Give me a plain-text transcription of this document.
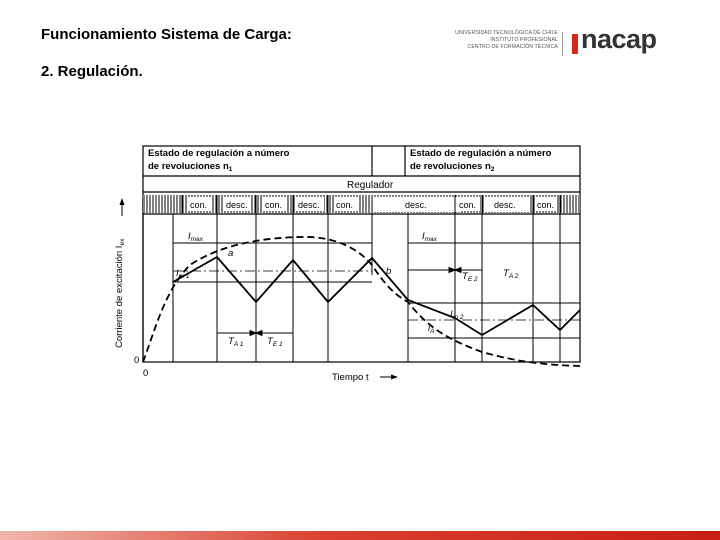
Funcionamiento Sistema de Carga:
2. Regulación.
UNIVERSIDAD TECNOLÓGICA DE CHILE
INSTITUTO PROFESIONAL
CENTRO DE FORMACIÓN TÉCNICA nacap
Corriente de excitación $I_{ex}$
0
0
Estado de regulación a número
de revoluciones $n_1$
Estado de regulación a número
de revoluciones $n_2$
Regulador
con. desc. con. desc. con.	desc.	con. desc. con.
$I_{max}$	$I_{max}$
$I_{m 1}$
$I_{m 2}$
a
b
$i_A$
$T_{A 1}$ $T_{E 1}$
$T_{E 2}$
$T_{A 2}$
Tiempo t
